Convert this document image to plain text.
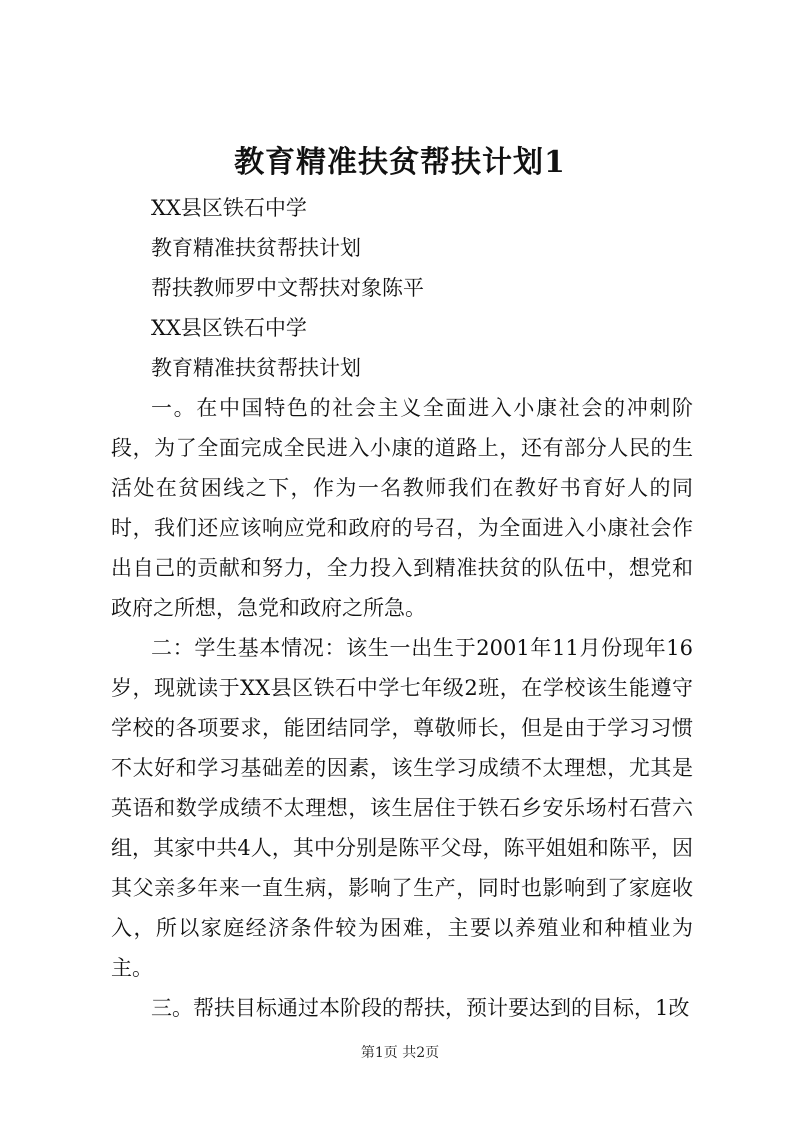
教育精准扶贫帮扶计划1

XX县区铁石中学

教育精准扶贫帮扶计划

帮扶教师罗中文帮扶对象陈平

XX县区铁石中学

教育精准扶贫帮扶计划

一。在中国特色的社会主义全面进入小康社会的冲刺阶段，为了全面完成全民进入小康的道路上，还有部分人民的生活处在贫困线之下，作为一名教师我们在教好书育好人的同时，我们还应该响应党和政府的号召，为全面进入小康社会作出自己的贡献和努力，全力投入到精准扶贫的队伍中，想党和政府之所想，急党和政府之所急。

二：学生基本情况：该生一出生于2001年11月份现年16岁，现就读于XX县区铁石中学七年级2班，在学校该生能遵守学校的各项要求，能团结同学，尊敬师长，但是由于学习习惯不太好和学习基础差的因素，该生学习成绩不太理想，尤其是英语和数学成绩不太理想，该生居住于铁石乡安乐场村石营六组，其家中共4人，其中分别是陈平父母，陈平姐姐和陈平，因其父亲多年来一直生病，影响了生产，同时也影响到了家庭收入，所以家庭经济条件较为困难，主要以养殖业和种植业为主。

三。帮扶目标通过本阶段的帮扶，预计要达到的目标，1改

第1页 共2页
